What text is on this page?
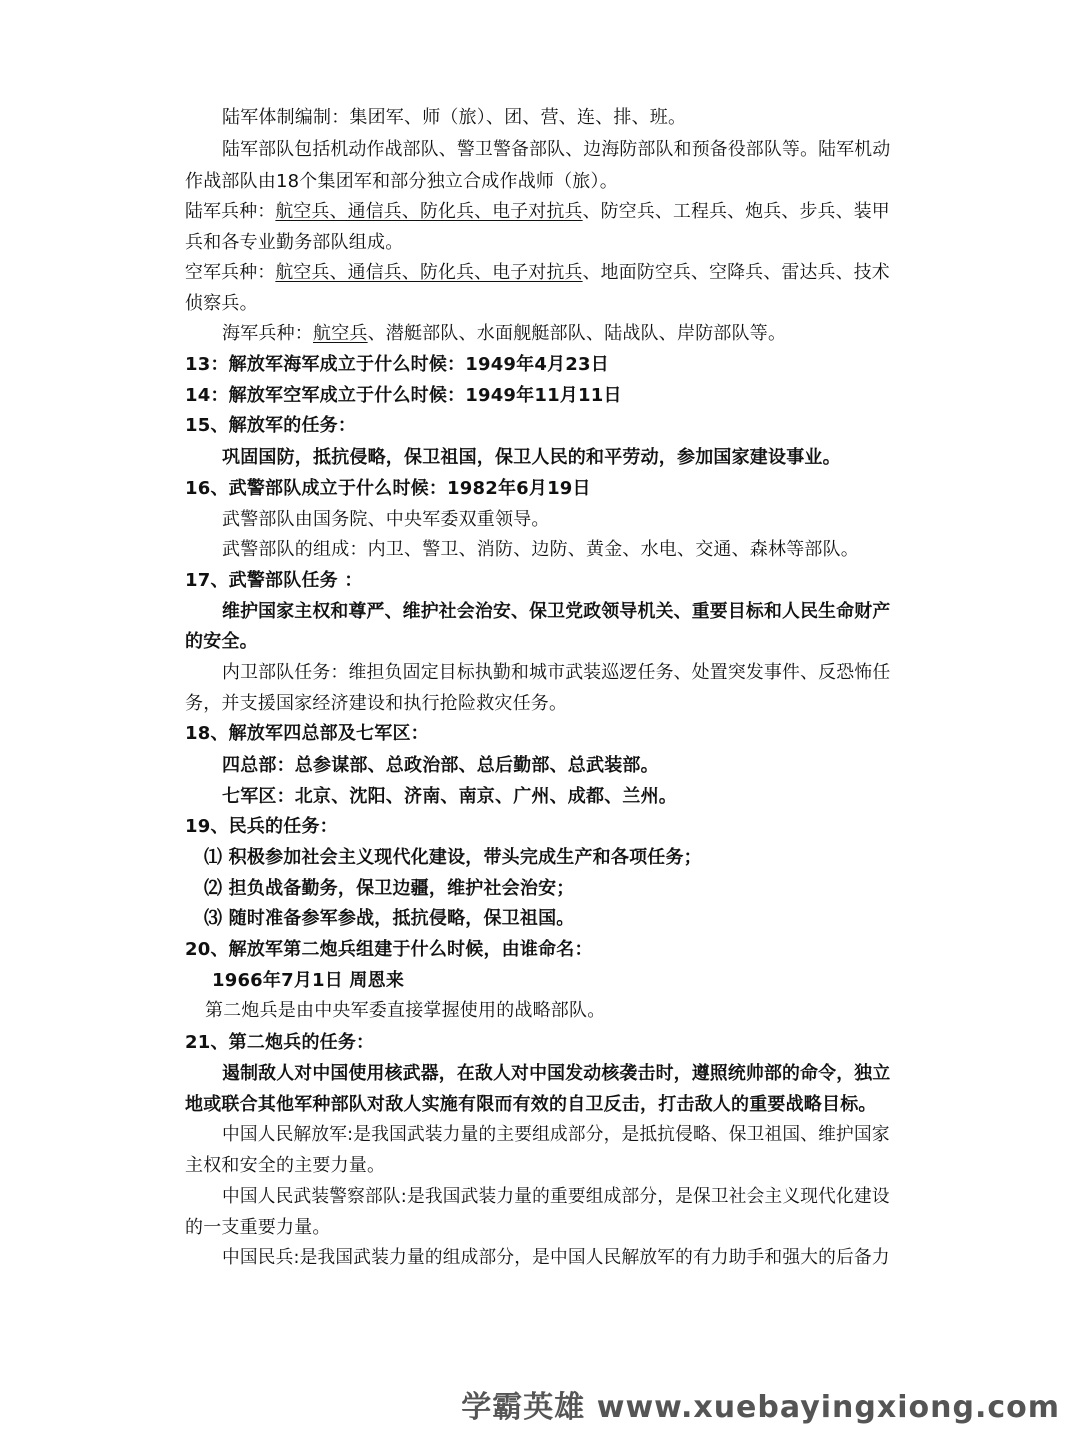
陆军体制编制：集团军、师（旅）、团、营、连、排、班。
陆军部队包括机动作战部队、警卫警备部队、边海防部队和预备役部队等。陆军机动
作战部队由18个集团军和部分独立合成作战师（旅）。
陆军兵种：航空兵、通信兵、防化兵、电子对抗兵、防空兵、工程兵、炮兵、步兵、装甲
兵和各专业勤务部队组成。
空军兵种：航空兵、通信兵、防化兵、电子对抗兵、地面防空兵、空降兵、雷达兵、技术
侦察兵。
海军兵种：航空兵、潜艇部队、水面舰艇部队、陆战队、岸防部队等。
13：解放军海军成立于什么时候：1949年4月23日
14：解放军空军成立于什么时候：1949年11月11日
15、解放军的任务：
巩固国防，抵抗侵略，保卫祖国，保卫人民的和平劳动，参加国家建设事业。
16、武警部队成立于什么时候：1982年6月19日
武警部队由国务院、中央军委双重领导。
武警部队的组成：内卫、警卫、消防、边防、黄金、水电、交通、森林等部队。
17、武警部队任务 ：
维护国家主权和尊严、维护社会治安、保卫党政领导机关、重要目标和人民生命财产
的安全。
内卫部队任务：维担负固定目标执勤和城市武装巡逻任务、处置突发事件、反恐怖任
务，并支援国家经济建设和执行抢险救灾任务。
18、解放军四总部及七军区：
四总部：总参谋部、总政治部、总后勤部、总武装部。
七军区：北京、沈阳、济南、南京、广州、成都、兰州。
19、民兵的任务：
⑴ 积极参加社会主义现代化建设，带头完成生产和各项任务；
⑵ 担负战备勤务，保卫边疆，维护社会治安；
⑶ 随时准备参军参战，抵抗侵略，保卫祖国。
20、解放军第二炮兵组建于什么时候，由谁命名：
1966年7月1日 周恩来
第二炮兵是由中央军委直接掌握使用的战略部队。
21、第二炮兵的任务：
遏制敌人对中国使用核武器，在敌人对中国发动核袭击时，遵照统帅部的命令，独立
地或联合其他军种部队对敌人实施有限而有效的自卫反击，打击敌人的重要战略目标。
中国人民解放军:是我国武装力量的主要组成部分，是抵抗侵略、保卫祖国、维护国家
主权和安全的主要力量。
中国人民武装警察部队:是我国武装力量的重要组成部分，是保卫社会主义现代化建设
的一支重要力量。
中国民兵:是我国武装力量的组成部分，是中国人民解放军的有力助手和强大的后备力
学霸英雄 www.xuebayingxiong.com
